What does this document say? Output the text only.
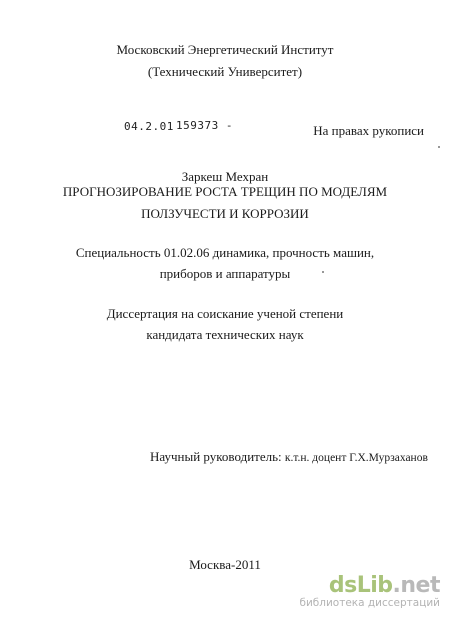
Московский Энергетический Институт
(Технический Университет)
04.2.01 159373 -	На правах рукописи
Заркеш Мехран
ПРОГНОЗИРОВАНИЕ РОСТА ТРЕЩИН ПО МОДЕЛЯМ
ПОЛЗУЧЕСТИ И КОРРОЗИИ
Специальность 01.02.06 динамика, прочность машин,
приборов и аппаратуры
Диссертация на соискание ученой степени
кандидата технических наук
Научный руководитель: к.т.н. доцент Г.Х.Мурзаханов
Москва-2011
dsLib.net
библиотека диссертаций
